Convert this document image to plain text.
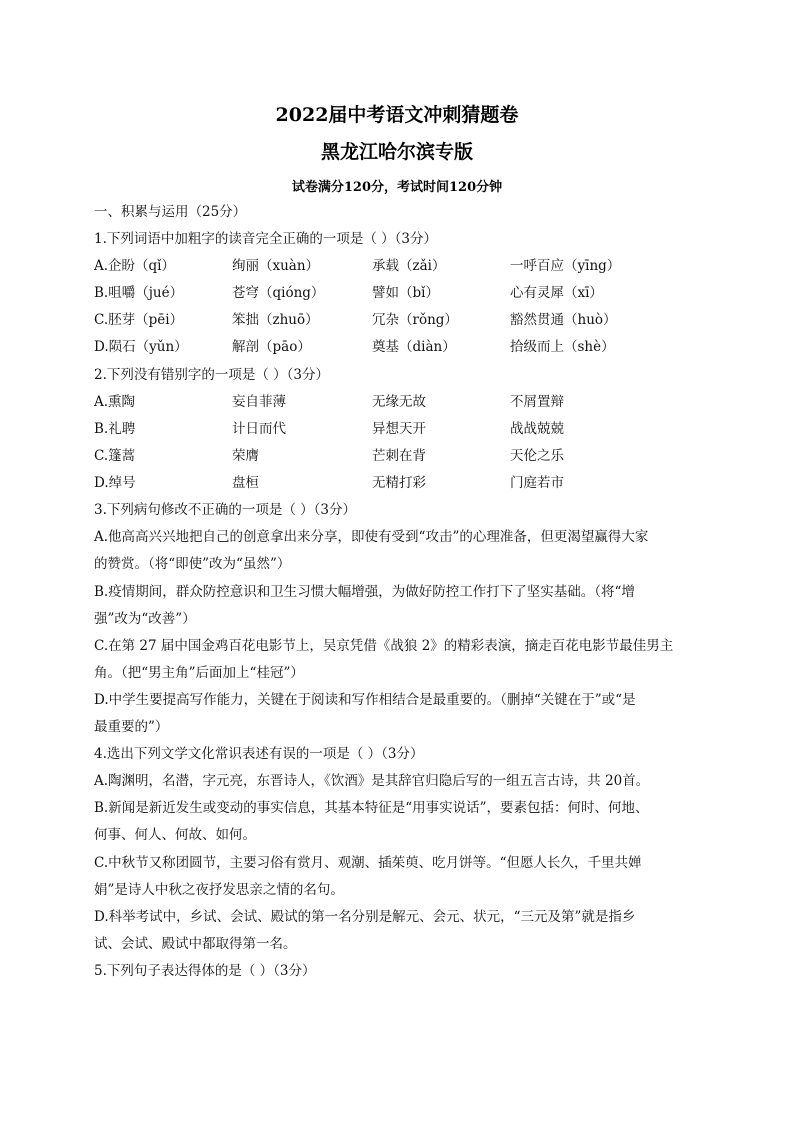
2022届中考语文冲刺猜题卷
黑龙江哈尔滨专版
试卷满分120分，考试时间120分钟
一、积累与运用（25分）
1.下列词语中加粗字的读音完全正确的一项是（ ）（3分）
A.企盼（qǐ）	绚丽（xuàn）	承载（zǎi）	一呼百应（yīng）
B.咀嚼（jué）	苍穹（qióng）	譬如（bǐ）	心有灵犀（xī）
C.胚芽（pēi）	笨拙（zhuō）	冗杂（rǒng）	豁然贯通（huò）
D.陨石（yǔn）	解剖（pāo）	奠基（diàn）	拾级而上（shè）
2.下列没有错别字的一项是（ ）（3分）
A.熏陶	妄自菲薄	无缘无故	不屑置辩
B.礼聘	计日而代	异想天开	战战兢兢
C.篷蒿	荣膺	芒刺在背	天伦之乐
D.绰号	盘桓	无精打彩	门庭若市
3.下列病句修改不正确的一项是（ ）（3分）
A.他高高兴兴地把自己的创意拿出来分享，即使有受到“攻击”的心理准备，但更渴望赢得大家
的赞赏。（将“即使”改为“虽然”）
B.疫情期间，群众防控意识和卫生习惯大幅增强，为做好防控工作打下了坚实基础。（将“增
强”改为“改善”）
C.在第 27 届中国金鸡百花电影节上，吴京凭借《战狼 2》的精彩表演，摘走百花电影节最佳男主
角。（把“男主角”后面加上“桂冠”）
D.中学生要提高写作能力，关键在于阅读和写作相结合是最重要的。（删掉“关键在于”或“是
最重要的”）
4.选出下列文学文化常识表述有误的一项是（ ）（3分）
A.陶渊明，名潜，字元亮，东晋诗人，《饮酒》是其辞官归隐后写的一组五言古诗，共 20首。
B.新闻是新近发生或变动的事实信息，其基本特征是“用事实说话”，要素包括：何时、何地、
何事、何人、何故、如何。
C.中秋节又称团圆节，主要习俗有赏月、观潮、插茱萸、吃月饼等。“但愿人长久，千里共婵
娟”是诗人中秋之夜抒发思亲之情的名句。
D.科举考试中，乡试、会试、殿试的第一名分别是解元、会元、状元，“三元及第”就是指乡
试、会试、殿试中都取得第一名。
5.下列句子表达得体的是（ ）（3分）
